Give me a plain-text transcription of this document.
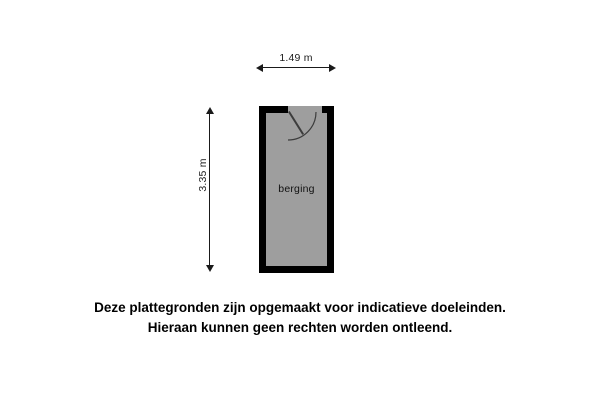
1.49 m
3.35 m	berging
Deze plattegronden zijn opgemaakt voor indicatieve doeleinden.
Hieraan kunnen geen rechten worden ontleend.
